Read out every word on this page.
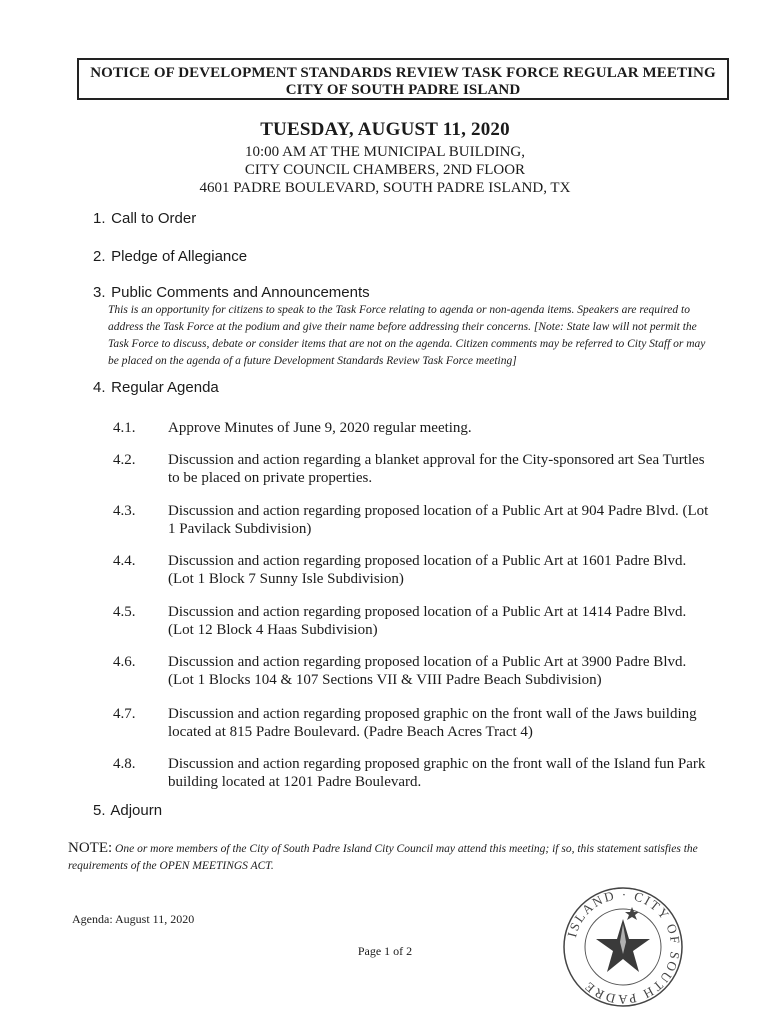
NOTICE OF DEVELOPMENT STANDARDS REVIEW TASK FORCE REGULAR MEETING
CITY OF SOUTH PADRE ISLAND
TUESDAY, AUGUST 11, 2020
10:00 AM AT THE MUNICIPAL BUILDING,
CITY COUNCIL CHAMBERS, 2ND FLOOR
4601 PADRE BOULEVARD, SOUTH PADRE ISLAND, TX
1. Call to Order
2. Pledge of Allegiance
3. Public Comments and Announcements
This is an opportunity for citizens to speak to the Task Force relating to agenda or non-agenda items. Speakers are required to address the Task Force at the podium and give their name before addressing their concerns. [Note: State law will not permit the Task Force to discuss, debate or consider items that are not on the agenda. Citizen comments may be referred to City Staff or may be placed on the agenda of a future Development Standards Review Task Force meeting]
4. Regular Agenda
4.1.	Approve Minutes of June 9, 2020 regular meeting.
4.2.	Discussion and action regarding a blanket approval for the City-sponsored art Sea Turtles to be placed on private properties.
4.3.	Discussion and action regarding proposed location of a Public Art at 904 Padre Blvd. (Lot 1 Pavilack Subdivision)
4.4.	Discussion and action regarding proposed location of a Public Art at 1601 Padre Blvd. (Lot 1 Block 7 Sunny Isle Subdivision)
4.5.	Discussion and action regarding proposed location of a Public Art at 1414 Padre Blvd. (Lot 12 Block 4 Haas Subdivision)
4.6.	Discussion and action regarding proposed location of a Public Art at 3900 Padre Blvd. (Lot 1 Blocks 104 & 107 Sections VII & VIII Padre Beach Subdivision)
4.7.	Discussion and action regarding proposed graphic on the front wall of the Jaws building located at 815 Padre Boulevard. (Padre Beach Acres Tract 4)
4.8.	Discussion and action regarding proposed graphic on the front wall of the Island fun Park building located at 1201 Padre Boulevard.
5. Adjourn
NOTE: One or more members of the City of South Padre Island City Council may attend this meeting; if so, this statement satisfies the requirements of the OPEN MEETINGS ACT.
Agenda: August 11, 2020
Page 1 of 2
ISLAND · CITY OF SOUTH PADRE
